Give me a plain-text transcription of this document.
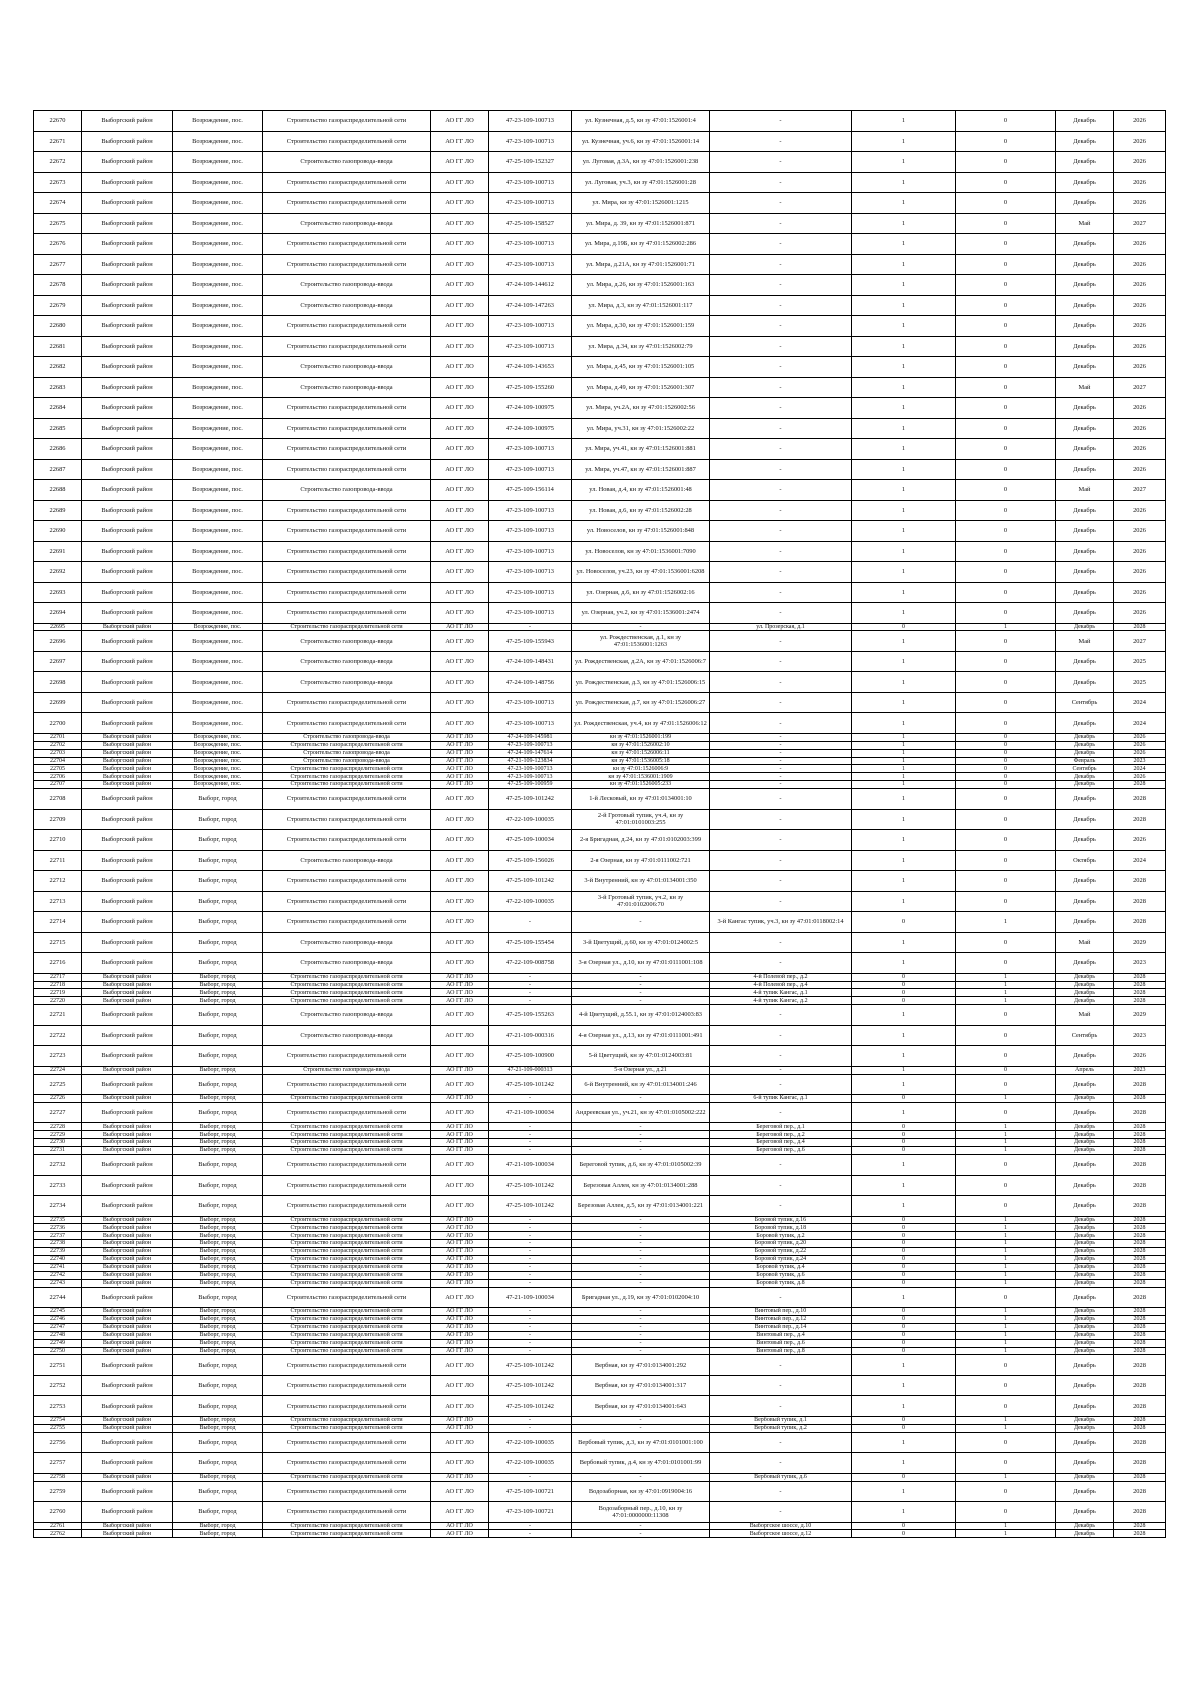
22670	Выборгский район	Возрождение, пос.	Строительство газораспределительной сети	АО ГГ ЛО	47-23-109-100713	ул. Кузнечная, д.5, кн зу 47:01:1526001:4	-	1	0	Декабрь	2026
22671	Выборгский район	Возрождение, пос.	Строительство газораспределительной сети	АО ГГ ЛО	47-23-109-100713	ул. Кузнечная, уч.6, кн зу 47:01:1526001:14	-	1	0	Декабрь	2026
22672	Выборгский район	Возрождение, пос.	Строительство газопровода-ввода	АО ГГ ЛО	47-25-109-152327	ул. Луговая, д.3А, кн зу 47:01:1526001:238	-	1	0	Декабрь	2026
22673	Выборгский район	Возрождение, пос.	Строительство газораспределительной сети	АО ГГ ЛО	47-23-109-100713	ул. Луговая, уч.3, кн зу 47:01:1526001:28	-	1	0	Декабрь	2026
22674	Выборгский район	Возрождение, пос.	Строительство газораспределительной сети	АО ГГ ЛО	47-23-109-100713	ул. Мира, кн зу 47:01:1526001:1215	-	1	0	Декабрь	2026
22675	Выборгский район	Возрождение, пос.	Строительство газопровода-ввода	АО ГГ ЛО	47-25-109-158527	ул. Мира, д. 39, кн зу 47:01:1526001:871	-	1	0	Май	2027
22676	Выборгский район	Возрождение, пос.	Строительство газораспределительной сети	АО ГГ ЛО	47-23-109-100713	ул. Мира, д.19Б, кн зу 47:01:1526002:286	-	1	0	Декабрь	2026
22677	Выборгский район	Возрождение, пос.	Строительство газораспределительной сети	АО ГГ ЛО	47-23-109-100713	ул. Мира, д.21А, кн зу 47:01:1526001:71	-	1	0	Декабрь	2026
22678	Выборгский район	Возрождение, пос.	Строительство газопровода-ввода	АО ГГ ЛО	47-24-109-144612	ул. Мира, д.26, кн зу 47:01:1526001:163	-	1	0	Декабрь	2026
22679	Выборгский район	Возрождение, пос.	Строительство газопровода-ввода	АО ГГ ЛО	47-24-109-147263	ул. Мира, д.3, кн зу 47:01:1526001:117	-	1	0	Декабрь	2026
22680	Выборгский район	Возрождение, пос.	Строительство газораспределительной сети	АО ГГ ЛО	47-23-109-100713	ул. Мира, д.30, кн зу 47:01:1526001:159	-	1	0	Декабрь	2026
22681	Выборгский район	Возрождение, пос.	Строительство газораспределительной сети	АО ГГ ЛО	47-23-109-100713	ул. Мира, д.34, кн зу 47:01:1526002:79	-	1	0	Декабрь	2026
22682	Выборгский район	Возрождение, пос.	Строительство газопровода-ввода	АО ГГ ЛО	47-24-109-143653	ул. Мира, д.45, кн зу 47:01:1526001:105	-	1	0	Декабрь	2026
22683	Выборгский район	Возрождение, пос.	Строительство газопровода-ввода	АО ГГ ЛО	47-25-109-155260	ул. Мира, д.49, кн зу 47:01:1526001:307	-	1	0	Май	2027
22684	Выборгский район	Возрождение, пос.	Строительство газораспределительной сети	АО ГГ ЛО	47-24-109-100975	ул. Мира, уч.2А, кн зу 47:01:1526002:56	-	1	0	Декабрь	2026
22685	Выборгский район	Возрождение, пос.	Строительство газораспределительной сети	АО ГГ ЛО	47-24-109-100975	ул. Мира, уч.31, кн зу 47:01:1526002:22	-	1	0	Декабрь	2026
22686	Выборгский район	Возрождение, пос.	Строительство газораспределительной сети	АО ГГ ЛО	47-23-109-100713	ул. Мира, уч.41, кн зу 47:01:1526001:881	-	1	0	Декабрь	2026
22687	Выборгский район	Возрождение, пос.	Строительство газораспределительной сети	АО ГГ ЛО	47-23-109-100713	ул. Мира, уч.47, кн зу 47:01:1526001:887	-	1	0	Декабрь	2026
22688	Выборгский район	Возрождение, пос.	Строительство газопровода-ввода	АО ГГ ЛО	47-25-109-156114	ул. Новая, д.4, кн зу 47:01:1526001:48	-	1	0	Май	2027
22689	Выборгский район	Возрождение, пос.	Строительство газораспределительной сети	АО ГГ ЛО	47-23-109-100713	ул. Новая, д.6, кн зу 47:01:1526002:28	-	1	0	Декабрь	2026
22690	Выборгский район	Возрождение, пос.	Строительство газораспределительной сети	АО ГГ ЛО	47-23-109-100713	ул. Новоселов, кн зу 47:01:1526001:848	-	1	0	Декабрь	2026
22691	Выборгский район	Возрождение, пос.	Строительство газораспределительной сети	АО ГГ ЛО	47-23-109-100713	ул. Новоселов, кн зу 47:01:1536001:7090	-	1	0	Декабрь	2026
22692	Выборгский район	Возрождение, пос.	Строительство газораспределительной сети	АО ГГ ЛО	47-23-109-100713	ул. Новоселов, уч.23, кн зу 47:01:1536001:6208	-	1	0	Декабрь	2026
22693	Выборгский район	Возрождение, пос.	Строительство газораспределительной сети	АО ГГ ЛО	47-23-109-100713	ул. Озерная, д.6, кн зу 47:01:1526002:16	-	1	0	Декабрь	2026
22694	Выборгский район	Возрождение, пос.	Строительство газораспределительной сети	АО ГГ ЛО	47-23-109-100713	ул. Озерная, уч.2, кн зу 47:01:1536001:2474	-	1	0	Декабрь	2026
22695	Выборгский район	Возрождение, пос.	Строительство газораспределительной сети	АО ГГ ЛО	-	-	ул. Прозерская, д.1	0	1	Декабрь	2028
22696	Выборгский район	Возрождение, пос.	Строительство газопровода-ввода	АО ГГ ЛО	47-25-109-155943	ул. Рождественская, д.1, кн зу 47:01:1536001:1263	-	1	0	Май	2027
22697	Выборгский район	Возрождение, пос.	Строительство газопровода-ввода	АО ГГ ЛО	47-24-109-148431	ул. Рождественская, д.2А, кн зу 47:01:1526006:7	-	1	0	Декабрь	2025
22698	Выборгский район	Возрождение, пос.	Строительство газопровода-ввода	АО ГГ ЛО	47-24-109-148756	ул. Рождественская, д.3, кн зу 47:01:1526006:15	-	1	0	Декабрь	2025
22699	Выборгский район	Возрождение, пос.	Строительство газораспределительной сети	АО ГГ ЛО	47-23-109-100713	ул. Рождественская, д.7, кн зу 47:01:1526006:27	-	1	0	Сентябрь	2024
22700	Выборгский район	Возрождение, пос.	Строительство газораспределительной сети	АО ГГ ЛО	47-23-109-100713	ул. Рождественская, уч.4, кн зу 47:01:1526006:12	-	1	0	Декабрь	2024
22701	Выборгский район	Возрождение, пос.	Строительство газопровода-ввода	АО ГГ ЛО	47-24-109-145981	кн зу 47:01:1526001:199	-	1	0	Декабрь	2026
22702	Выборгский район	Возрождение, пос.	Строительство газораспределительной сети	АО ГГ ЛО	47-23-109-100713	кн зу 47:01:1526002:10	-	1	0	Декабрь	2026
22703	Выборгский район	Возрождение, пос.	Строительство газопровода-ввода	АО ГГ ЛО	47-24-109-147614	кн зу 47:01:1526006:11	-	1	0	Декабрь	2026
22704	Выборгский район	Возрождение, пос.	Строительство газопровода-ввода	АО ГГ ЛО	47-21-109-123834	кн зу 47:01:1536005:18	-	1	0	Февраль	2023
22705	Выборгский район	Возрождение, пос.	Строительство газораспределительной сети	АО ГГ ЛО	47-23-109-100713	кн зу 47:01:1526006:9	-	1	0	Сентябрь	2024
22706	Выборгский район	Возрождение, пос.	Строительство газораспределительной сети	АО ГГ ЛО	47-23-109-100713	кн зу 47:01:1536001:1909	-	1	0	Декабрь	2026
22707	Выборгский район	Возрождение, пос.	Строительство газораспределительной сети	АО ГГ ЛО	47-25-109-100959	кн зу 47:01:1526005:233	-	1	0	Декабрь	2028
22708	Выборгский район	Выборг, город	Строительство газораспределительной сети	АО ГГ ЛО	47-25-109-101242	1-й Лесковый, кн зу 47:01:0134001:10	-	1	0	Декабрь	2028
22709	Выборгский район	Выборг, город	Строительство газораспределительной сети	АО ГГ ЛО	47-22-109-100035	2-й Гротовый тупик, уч.4, кн зу 47:01:0101003:255	-	1	0	Декабрь	2028
22710	Выборгский район	Выборг, город	Строительство газораспределительной сети	АО ГГ ЛО	47-25-109-100034	2-я Бригадная, д.24, кн зу 47:01:0102003:399	-	1	0	Декабрь	2026
22711	Выборгский район	Выборг, город	Строительство газопровода-ввода	АО ГГ ЛО	47-25-109-156026	2-я Озерная, кн зу 47:01:0111002:721	-	1	0	Октябрь	2024
22712	Выборгский район	Выборг, город	Строительство газораспределительной сети	АО ГГ ЛО	47-25-109-101242	3-й Внутренний, кн зу 47:01:0134001:350	-	1	0	Декабрь	2028
22713	Выборгский район	Выборг, город	Строительство газораспределительной сети	АО ГГ ЛО	47-22-109-100035	3-й Гротовый тупик, уч.2, кн зу 47:01:0102006:70	-	1	0	Декабрь	2028
22714	Выборгский район	Выборг, город	Строительство газораспределительной сети	АО ГГ ЛО	-	-	3-й Кангас тупик, уч.3, кн зу 47:01:0118002:14	0	1	Декабрь	2028
22715	Выборгский район	Выборг, город	Строительство газопровода-ввода	АО ГГ ЛО	47-25-109-155454	3-й Цветущий, д.60, кн зу 47:01:0124002:5	-	1	0	Май	2029
22716	Выборгский район	Выборг, город	Строительство газопровода-ввода	АО ГГ ЛО	47-22-109-008758	3-я Озерная ул., д.10, кн зу 47:01:0111001:108	-	1	0	Декабрь	2023
22717	Выборгский район	Выборг, город	Строительство газораспределительной сети	АО ГГ ЛО	-	-	4-й Полевой пер., д.2	0	1	Декабрь	2028
22718	Выборгский район	Выборг, город	Строительство газораспределительной сети	АО ГГ ЛО	-	-	4-й Полевой пер., д.4	0	1	Декабрь	2028
22719	Выборгский район	Выборг, город	Строительство газораспределительной сети	АО ГГ ЛО	-	-	4-й тупик Кангас, д.1	0	1	Декабрь	2028
22720	Выборгский район	Выборг, город	Строительство газораспределительной сети	АО ГГ ЛО	-	-	4-й тупик Кангас, д.2	0	1	Декабрь	2028
22721	Выборгский район	Выборг, город	Строительство газопровода-ввода	АО ГГ ЛО	47-25-109-155263	4-й Цветущий, д.55.1, кн зу 47:01:0124003:83	-	1	0	Май	2029
22722	Выборгский район	Выборг, город	Строительство газопровода-ввода	АО ГГ ЛО	47-21-109-000316	4-я Озерная ул., д.13, кн зу 47:01:0111001:491	-	1	0	Сентябрь	2023
22723	Выборгский район	Выборг, город	Строительство газораспределительной сети	АО ГГ ЛО	47-25-109-100900	5-й Цветущий, кн зу 47:01:0124003:81	-	1	0	Декабрь	2026
22724	Выборгский район	Выборг, город	Строительство газопровода-ввода	АО ГГ ЛО	47-21-109-000313	5-я Озерная ул., д.21	-	1	0	Апрель	2023
22725	Выборгский район	Выборг, город	Строительство газораспределительной сети	АО ГГ ЛО	47-25-109-101242	6-й Внутренний, кн зу 47:01:0134001:246	-	1	0	Декабрь	2028
22726	Выборгский район	Выборг, город	Строительство газораспределительной сети	АО ГГ ЛО	-	-	6-й тупик Кангас, д.1	0	1	Декабрь	2028
22727	Выборгский район	Выборг, город	Строительство газораспределительной сети	АО ГГ ЛО	47-21-109-100034	Андреевская ул., уч.21, кн зу 47:01:0105002:222	-	1	0	Декабрь	2028
22728	Выборгский район	Выборг, город	Строительство газораспределительной сети	АО ГГ ЛО	-	-	Береговой пер., д.1	0	1	Декабрь	2028
22729	Выборгский район	Выборг, город	Строительство газораспределительной сети	АО ГГ ЛО	-	-	Береговой пер., д.2	0	1	Декабрь	2028
22730	Выборгский район	Выборг, город	Строительство газораспределительной сети	АО ГГ ЛО	-	-	Береговой пер., д.4	0	1	Декабрь	2028
22731	Выборгский район	Выборг, город	Строительство газораспределительной сети	АО ГГ ЛО	-	-	Береговой пер., д.6	0	1	Декабрь	2028
22732	Выборгский район	Выборг, город	Строительство газораспределительной сети	АО ГГ ЛО	47-21-109-100034	Береговой тупик, д.6, кн зу 47:01:0105002:39	-	1	0	Декабрь	2028
22733	Выборгский район	Выборг, город	Строительство газораспределительной сети	АО ГГ ЛО	47-25-109-101242	Березовая Аллея, кн зу 47:01:0134001:288	-	1	0	Декабрь	2028
22734	Выборгский район	Выборг, город	Строительство газораспределительной сети	АО ГГ ЛО	47-25-109-101242	Березовая Аллея, д.5, кн зу 47:01:0134001:221	-	1	0	Декабрь	2028
22735	Выборгский район	Выборг, город	Строительство газораспределительной сети	АО ГГ ЛО	-	-	Боровой тупик, д.16	0	1	Декабрь	2028
22736	Выборгский район	Выборг, город	Строительство газораспределительной сети	АО ГГ ЛО	-	-	Боровой тупик, д.18	0	1	Декабрь	2028
22737	Выборгский район	Выборг, город	Строительство газораспределительной сети	АО ГГ ЛО	-	-	Боровой тупик, д.2	0	1	Декабрь	2028
22738	Выборгский район	Выборг, город	Строительство газораспределительной сети	АО ГГ ЛО	-	-	Боровой тупик, д.20	0	1	Декабрь	2028
22739	Выборгский район	Выборг, город	Строительство газораспределительной сети	АО ГГ ЛО	-	-	Боровой тупик, д.22	0	1	Декабрь	2028
22740	Выборгский район	Выборг, город	Строительство газораспределительной сети	АО ГГ ЛО	-	-	Боровой тупик, д.24	0	1	Декабрь	2028
22741	Выборгский район	Выборг, город	Строительство газораспределительной сети	АО ГГ ЛО	-	-	Боровой тупик, д.4	0	1	Декабрь	2028
22742	Выборгский район	Выборг, город	Строительство газораспределительной сети	АО ГГ ЛО	-	-	Боровой тупик, д.6	0	1	Декабрь	2028
22743	Выборгский район	Выборг, город	Строительство газораспределительной сети	АО ГГ ЛО	-	-	Боровой тупик, д.8	0	1	Декабрь	2028
22744	Выборгский район	Выборг, город	Строительство газораспределительной сети	АО ГГ ЛО	47-21-109-100034	Бригадная ул., д.19, кн зу 47:01:0102004:10	-	1	0	Декабрь	2028
22745	Выборгский район	Выборг, город	Строительство газораспределительной сети	АО ГГ ЛО	-	-	Винтовый пер., д.10	0	1	Декабрь	2028
22746	Выборгский район	Выборг, город	Строительство газораспределительной сети	АО ГГ ЛО	-	-	Винтовый пер., д.12	0	1	Декабрь	2028
22747	Выборгский район	Выборг, город	Строительство газораспределительной сети	АО ГГ ЛО	-	-	Винтовый пер., д.14	0	1	Декабрь	2028
22748	Выборгский район	Выборг, город	Строительство газораспределительной сети	АО ГГ ЛО	-	-	Винтовый пер., д.4	0	1	Декабрь	2028
22749	Выборгский район	Выборг, город	Строительство газораспределительной сети	АО ГГ ЛО	-	-	Винтовый пер., д.6	0	1	Декабрь	2028
22750	Выборгский район	Выборг, город	Строительство газораспределительной сети	АО ГГ ЛО	-	-	Винтовый пер., д.8	0	1	Декабрь	2028
22751	Выборгский район	Выборг, город	Строительство газораспределительной сети	АО ГГ ЛО	47-25-109-101242	Вербная, кн зу 47:01:0134001:292	-	1	0	Декабрь	2028
22752	Выборгский район	Выборг, город	Строительство газораспределительной сети	АО ГГ ЛО	47-25-109-101242	Вербная, кн зу 47:01:0134001:317	-	1	0	Декабрь	2028
22753	Выборгский район	Выборг, город	Строительство газораспределительной сети	АО ГГ ЛО	47-25-109-101242	Вербная, кн зу 47:01:0134001:643	-	1	0	Декабрь	2028
22754	Выборгский район	Выборг, город	Строительство газораспределительной сети	АО ГГ ЛО	-	-	Вербовый тупик, д.1	0	1	Декабрь	2028
22755	Выборгский район	Выборг, город	Строительство газораспределительной сети	АО ГГ ЛО	-	-	Вербовый тупик, д.2	0	1	Декабрь	2028
22756	Выборгский район	Выборг, город	Строительство газораспределительной сети	АО ГГ ЛО	47-22-109-100035	Вербовый тупик, д.3, кн зу 47:01:0101001:100	-	1	0	Декабрь	2028
22757	Выборгский район	Выборг, город	Строительство газораспределительной сети	АО ГГ ЛО	47-22-109-100035	Вербовый тупик, д.4, кн зу 47:01:0101001:99	-	1	0	Декабрь	2028
22758	Выборгский район	Выборг, город	Строительство газораспределительной сети	АО ГГ ЛО	-	-	Вербовый тупик, д.6	0	1	Декабрь	2028
22759	Выборгский район	Выборг, город	Строительство газораспределительной сети	АО ГГ ЛО	47-25-109-100721	Водозаборная, кн зу 47:01:0919004:16	-	1	0	Декабрь	2028
22760	Выборгский район	Выборг, город	Строительство газораспределительной сети	АО ГГ ЛО	47-23-109-100721	Водозаборный пер., д.10, кн зу 47:01:0000000:11308	-	1	0	Декабрь	2028
22761	Выборгский район	Выборг, город	Строительство газораспределительной сети	АО ГГ ЛО	-	-	Выборгское шоссе, д.10	0	1	Декабрь	2028
22762	Выборгский район	Выборг, город	Строительство газораспределительной сети	АО ГГ ЛО	-	-	Выборгское шоссе, д.12	0	1	Декабрь	2028
